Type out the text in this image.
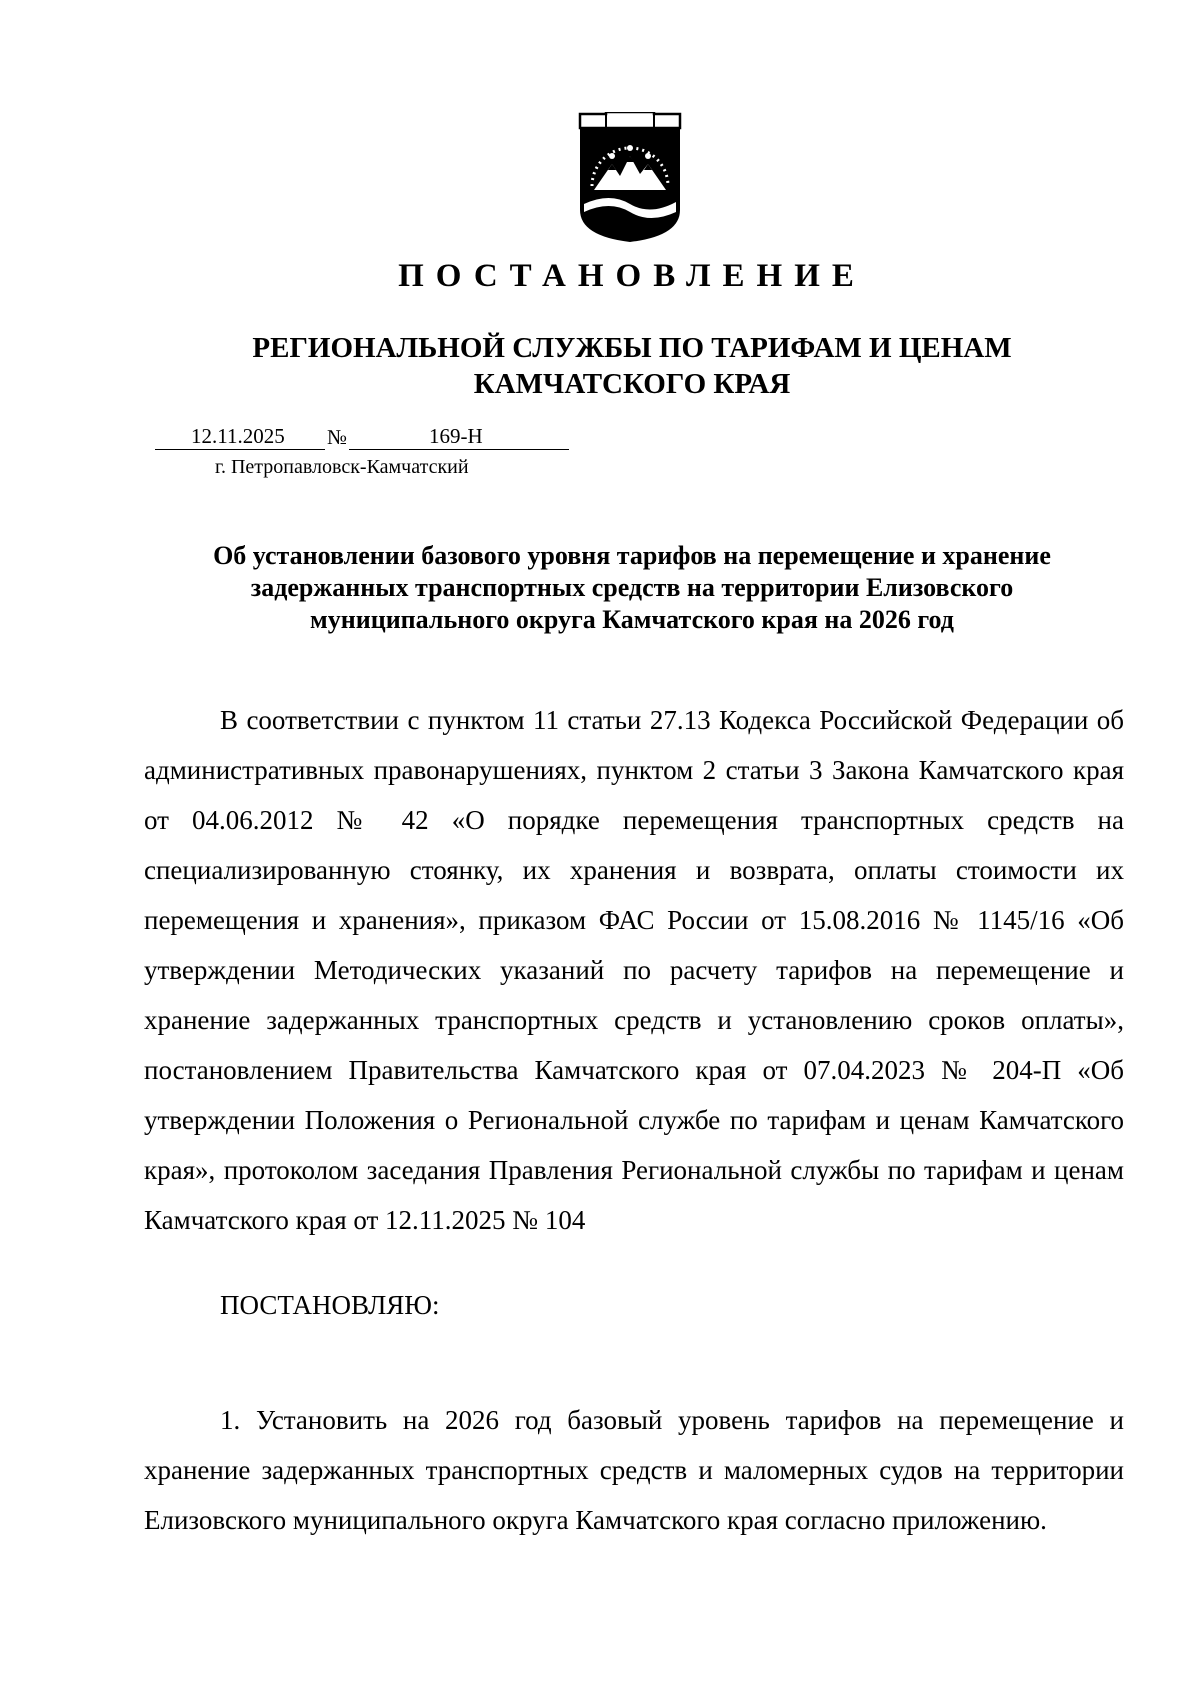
ПОСТАНОВЛЕНИЕ
РЕГИОНАЛЬНОЙ СЛУЖБЫ ПО ТАРИФАМ И ЦЕНАМ
КАМЧАТСКОГО КРАЯ
12.11.2025	№	169-Н
г. Петропавловск-Камчатский
Об установлении базового уровня тарифов на перемещение и хранение
задержанных транспортных средств на территории Елизовского
муниципального округа Камчатского края на 2026 год
В соответствии с пунктом 11 статьи 27.13 Кодекса Российской Федерации об административных правонарушениях, пунктом 2 статьи 3 Закона Камчатского края от 04.06.2012 № 42 «О порядке перемещения транспортных средств на специализированную стоянку, их хранения и возврата, оплаты стоимости их перемещения и хранения», приказом ФАС России от 15.08.2016 № 1145/16 «Об утверждении Методических указаний по расчету тарифов на перемещение и хранение задержанных транспортных средств и установлению сроков оплаты», постановлением Правительства Камчатского края от 07.04.2023 № 204-П «Об утверждении Положения о Региональной службе по тарифам и ценам Камчатского края», протоколом заседания Правления Региональной службы по тарифам и ценам Камчатского края от 12.11.2025 № 104
ПОСТАНОВЛЯЮ:
1. Установить на 2026 год базовый уровень тарифов на перемещение и хранение задержанных транспортных средств и маломерных судов на территории Елизовского муниципального округа Камчатского края согласно приложению.
